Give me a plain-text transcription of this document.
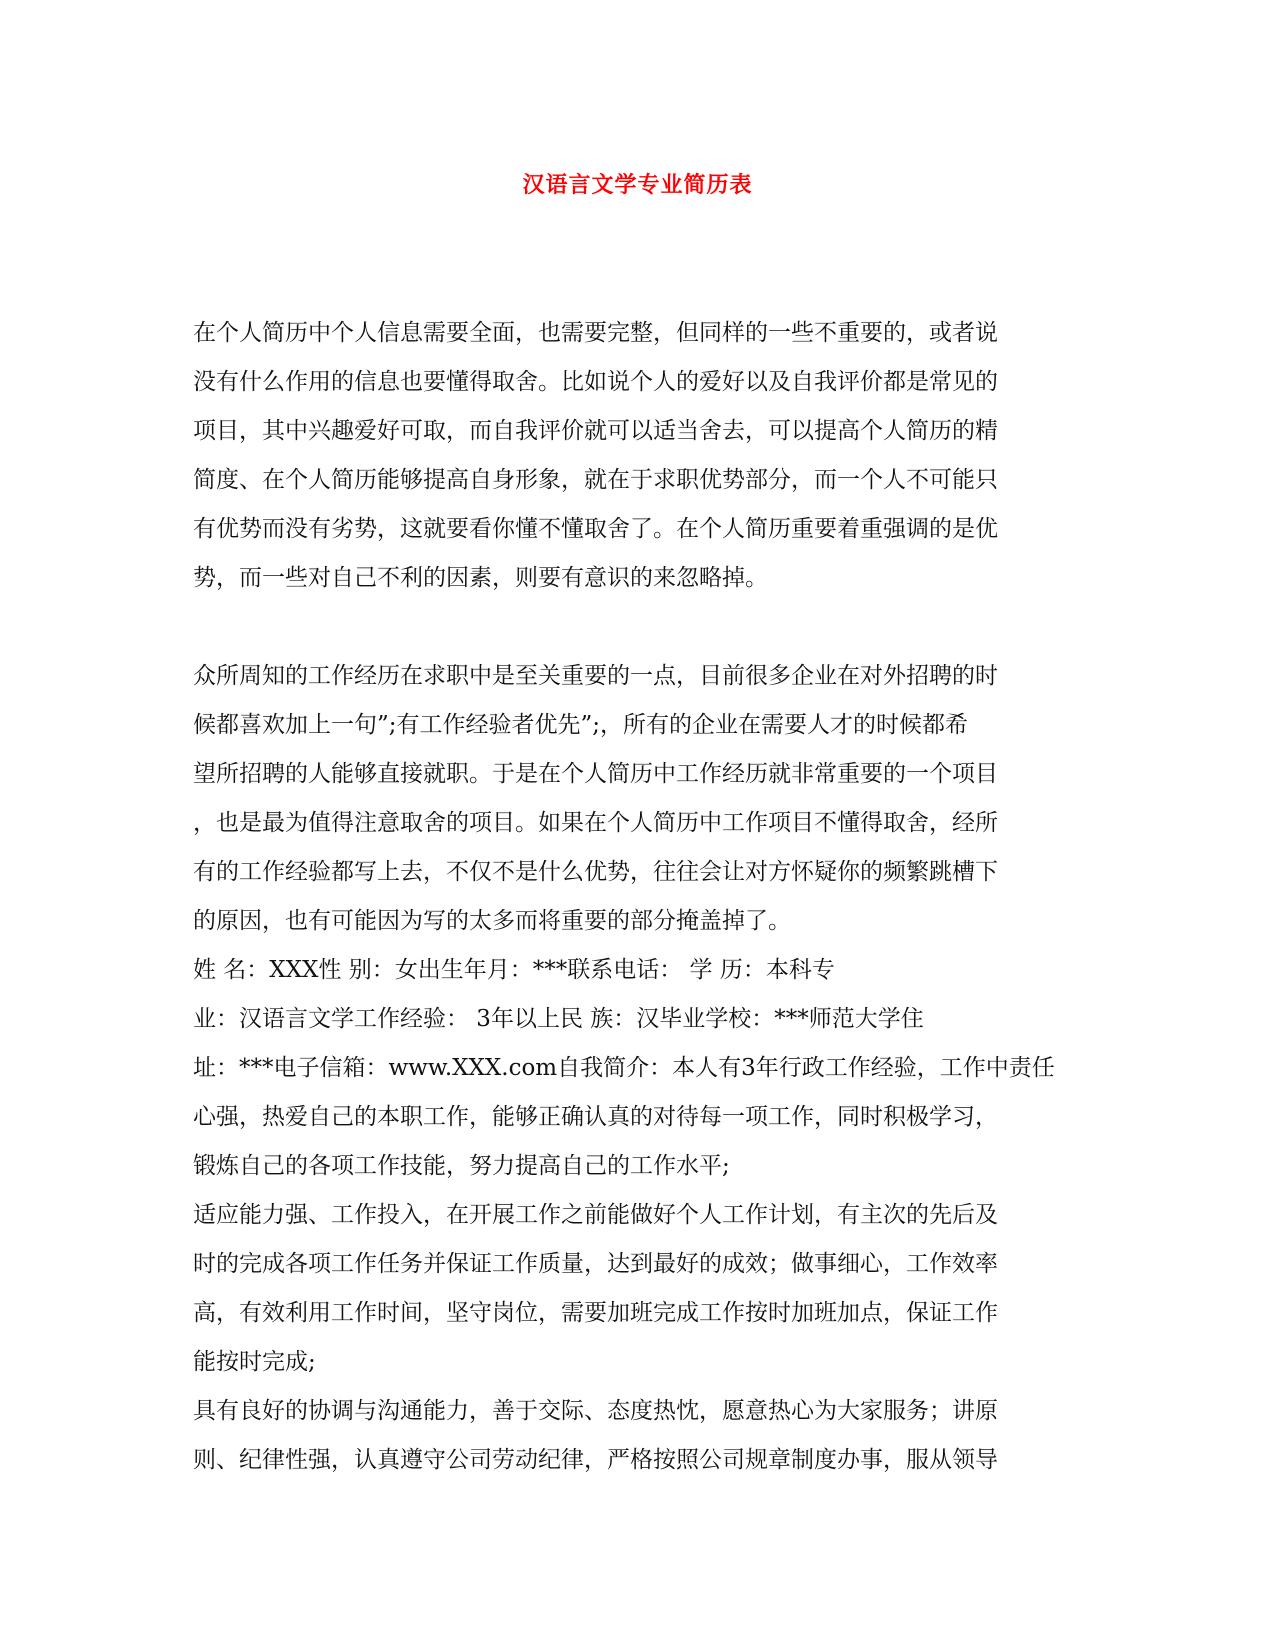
汉语言文学专业简历表

在个人简历中个人信息需要全面，也需要完整，但同样的一些不重要的，或者说
没有什么作用的信息也要懂得取舍。比如说个人的爱好以及自我评价都是常见的
项目，其中兴趣爱好可取，而自我评价就可以适当舍去，可以提高个人简历的精
简度、在个人简历能够提高自身形象，就在于求职优势部分，而一个人不可能只
有优势而没有劣势，这就要看你懂不懂取舍了。在个人简历重要着重强调的是优
势，而一些对自己不利的因素，则要有意识的来忽略掉。

众所周知的工作经历在求职中是至关重要的一点，目前很多企业在对外招聘的时
候都喜欢加上一句”;有工作经验者优先”;，所有的企业在需要人才的时候都希
望所招聘的人能够直接就职。于是在个人简历中工作经历就非常重要的一个项目
，也是最为值得注意取舍的项目。如果在个人简历中工作项目不懂得取舍，经所
有的工作经验都写上去，不仅不是什么优势，往往会让对方怀疑你的频繁跳槽下
的原因，也有可能因为写的太多而将重要的部分掩盖掉了。

姓 名：XXX性 别：女出生年月：***联系电话： 学 历：本科专
业：汉语言文学工作经验： 3年以上民 族：汉毕业学校：***师范大学住
址：***电子信箱：www.XXX.com自我简介：本人有3年行政工作经验，工作中责任
心强，热爱自己的本职工作，能够正确认真的对待每一项工作，同时积极学习，
锻炼自己的各项工作技能，努力提高自己的工作水平;

适应能力强、工作投入，在开展工作之前能做好个人工作计划，有主次的先后及
时的完成各项工作任务并保证工作质量，达到最好的成效；做事细心，工作效率
高，有效利用工作时间，坚守岗位，需要加班完成工作按时加班加点，保证工作
能按时完成;

具有良好的协调与沟通能力，善于交际、态度热忱，愿意热心为大家服务；讲原
则、纪律性强，认真遵守公司劳动纪律，严格按照公司规章制度办事，服从领导
